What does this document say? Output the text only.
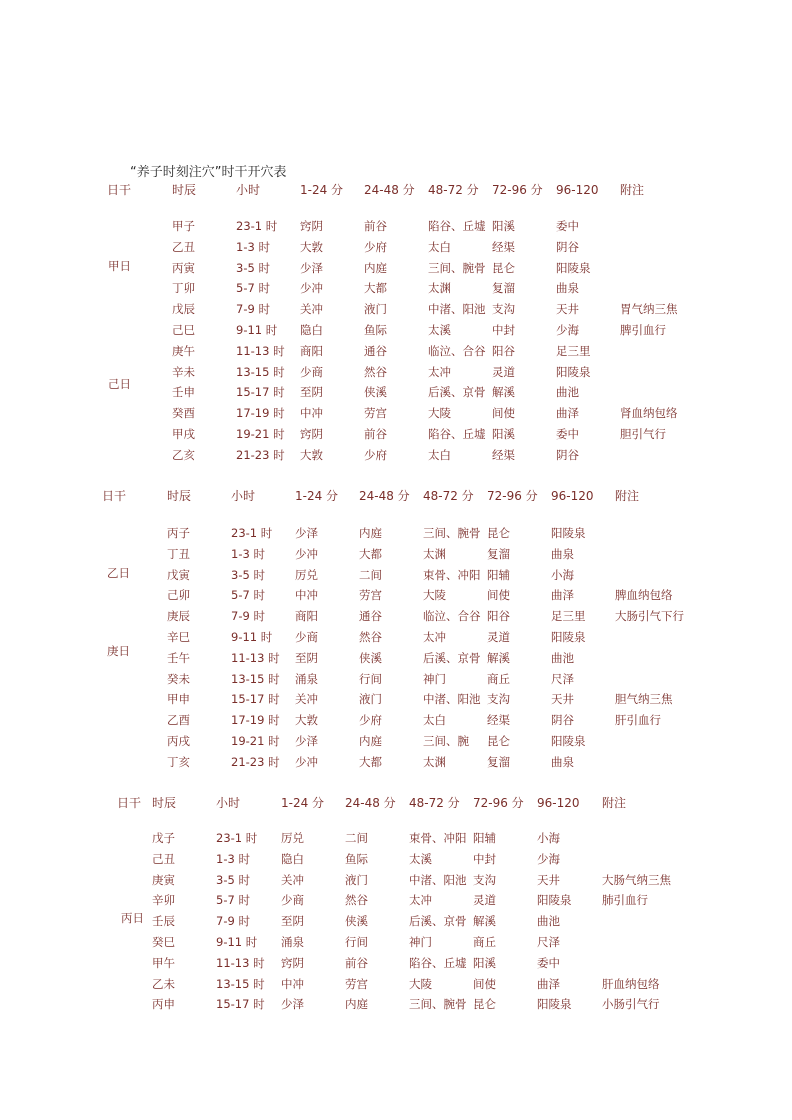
“养子时刻注穴”时干开穴表
日干	时辰	小时	1-24 分 24-48 分 48-72 分 72-96 分 96-120 附注
甲日
己日
甲子	23-1 时 窍阴	前谷	陷谷、丘墟 阳溪	委中
乙丑	1-3 时	大敦	少府	太白	经渠	阴谷
丙寅	3-5 时	少泽	内庭	三间、腕骨 昆仑	阳陵泉
丁卯	5-7 时	少冲	大都	太渊	复溜	曲泉
戊辰	7-9 时	关冲	液门	中渚、阳池 支沟	天井	胃气纳三焦
己巳	9-11 时 隐白	鱼际	太溪	中封	少海	脾引血行
庚午	11-13 时 商阳	通谷	临泣、合谷 阳谷	足三里
辛未	13-15 时 少商	然谷	太冲	灵道	阳陵泉
壬申	15-17 时 至阴	侠溪	后溪、京骨 解溪	曲池
癸酉	17-19 时 中冲	劳宫	大陵	间使	曲泽	肾血纳包络
甲戌	19-21 时 窍阴	前谷	陷谷、丘墟 阳溪	委中	胆引气行
乙亥	21-23 时 大敦	少府	太白	经渠	阴谷
日干	时辰	小时	1-24 分 24-48 分 48-72 分 72-96 分 96-120 附注
乙日
庚日
丙子	23-1 时 少泽	内庭	三间、腕骨 昆仑	阳陵泉
丁丑	1-3 时	少冲	大都	太渊	复溜	曲泉
戊寅	3-5 时	厉兑	二间	束骨、冲阳 阳辅	小海
己卯	5-7 时	中冲	劳宫	大陵	间使	曲泽	脾血纳包络
庚辰	7-9 时	商阳	通谷	临泣、合谷 阳谷	足三里	大肠引气下行
辛巳	9-11 时 少商	然谷	太冲	灵道	阳陵泉
壬午	11-13 时 至阴	侠溪	后溪、京骨 解溪	曲池
癸未	13-15 时 涌泉	行间	神门	商丘	尺泽
甲申	15-17 时 关冲	液门	中渚、阳池 支沟	天井	胆气纳三焦
乙酉	17-19 时 大敦	少府	太白	经渠	阴谷	肝引血行
丙戌	19-21 时 少泽	内庭	三间、腕 昆仑	阳陵泉
丁亥	21-23 时 少冲	大都	太渊	复溜	曲泉
日干 时辰	小时	1-24 分 24-48 分 48-72 分 72-96 分 96-120 附注
丙日
戊子	23-1 时 厉兑	二间	束骨、冲阳 阳辅	小海
己丑	1-3 时	隐白	鱼际	太溪	中封	少海
庚寅	3-5 时	关冲	液门	中渚、阳池 支沟	天井	大肠气纳三焦
辛卯	5-7 时	少商	然谷	太冲	灵道	阳陵泉	肺引血行
壬辰	7-9 时	至阴	侠溪	后溪、京骨 解溪	曲池
癸巳	9-11 时 涌泉	行间	神门	商丘	尺泽
甲午	11-13 时 窍阴	前谷	陷谷、丘墟 阳溪	委中
乙未	13-15 时 中冲	劳宫	大陵	间使	曲泽	肝血纳包络
丙申	15-17 时 少泽	内庭	三间、腕骨 昆仑	阳陵泉	小肠引气行
